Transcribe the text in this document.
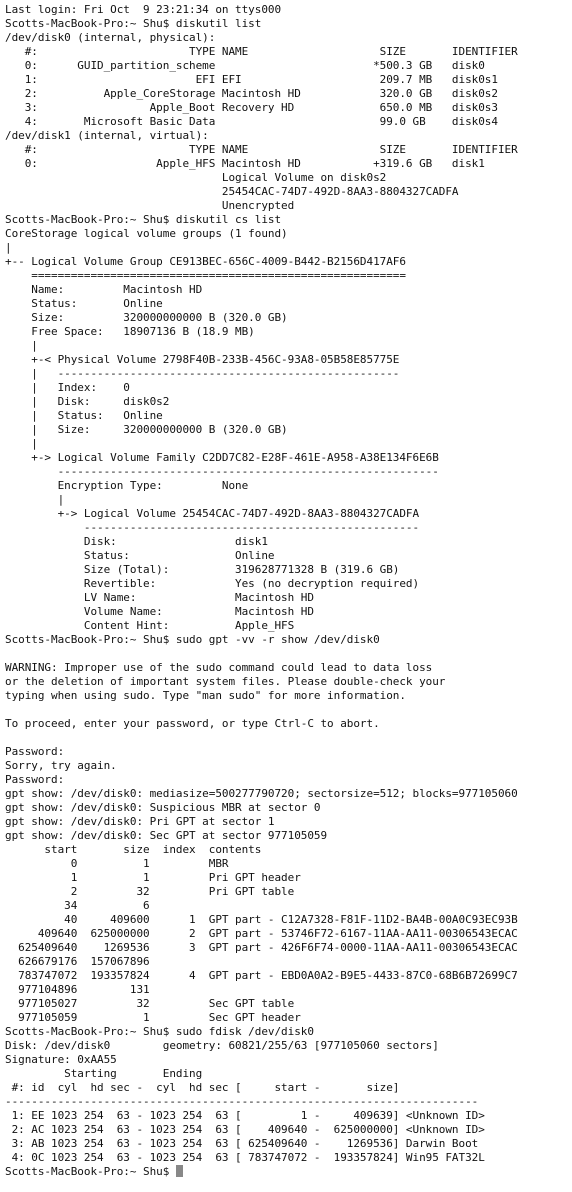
Last login: Fri Oct  9 23:21:34 on ttys000
Scotts-MacBook-Pro:~ Shu$ diskutil list
/dev/disk0 (internal, physical):
#:                       TYPE NAME                    SIZE       IDENTIFIER
0:      GUID_partition_scheme                        *500.3 GB   disk0
1:                        EFI EFI                     209.7 MB   disk0s1
2:          Apple_CoreStorage Macintosh HD            320.0 GB   disk0s2
3:                 Apple_Boot Recovery HD             650.0 MB   disk0s3
4:       Microsoft Basic Data                         99.0 GB    disk0s4
/dev/disk1 (internal, virtual):
#:                       TYPE NAME                    SIZE       IDENTIFIER
0:                  Apple_HFS Macintosh HD           +319.6 GB   disk1
Logical Volume on disk0s2
25454CAC-74D7-492D-8AA3-8804327CADFA
Unencrypted
Scotts-MacBook-Pro:~ Shu$ diskutil cs list
CoreStorage logical volume groups (1 found)
|
+-- Logical Volume Group CE913BEC-656C-4009-B442-B2156D417AF6
=========================================================
Name:         Macintosh HD
Status:       Online
Size:         320000000000 B (320.0 GB)
Free Space:   18907136 B (18.9 MB)
|
+-< Physical Volume 2798F40B-233B-456C-93A8-05B58E85775E
|   ----------------------------------------------------
|   Index:    0
|   Disk:     disk0s2
|   Status:   Online
|   Size:     320000000000 B (320.0 GB)
|
+-> Logical Volume Family C2DD7C82-E28F-461E-A958-A38E134F6E6B
----------------------------------------------------------
Encryption Type:         None
|
+-> Logical Volume 25454CAC-74D7-492D-8AA3-8804327CADFA
---------------------------------------------------
Disk:                  disk1
Status:                Online
Size (Total):          319628771328 B (319.6 GB)
Revertible:            Yes (no decryption required)
LV Name:               Macintosh HD
Volume Name:           Macintosh HD
Content Hint:          Apple_HFS
Scotts-MacBook-Pro:~ Shu$ sudo gpt -vv -r show /dev/disk0
WARNING: Improper use of the sudo command could lead to data loss
or the deletion of important system files. Please double-check your
typing when using sudo. Type "man sudo" for more information.
To proceed, enter your password, or type Ctrl-C to abort.
Password:
Sorry, try again.
Password:
gpt show: /dev/disk0: mediasize=500277790720; sectorsize=512; blocks=977105060
gpt show: /dev/disk0: Suspicious MBR at sector 0
gpt show: /dev/disk0: Pri GPT at sector 1
gpt show: /dev/disk0: Sec GPT at sector 977105059
start       size  index  contents
0          1         MBR
1          1         Pri GPT header
2         32         Pri GPT table
34          6
40     409600      1  GPT part - C12A7328-F81F-11D2-BA4B-00A0C93EC93B
409640  625000000      2  GPT part - 53746F72-6167-11AA-AA11-00306543ECAC
625409640    1269536      3  GPT part - 426F6F74-0000-11AA-AA11-00306543ECAC
626679176  157067896
783747072  193357824      4  GPT part - EBD0A0A2-B9E5-4433-87C0-68B6B72699C7
977104896        131
977105027         32         Sec GPT table
977105059          1         Sec GPT header
Scotts-MacBook-Pro:~ Shu$ sudo fdisk /dev/disk0
Disk: /dev/disk0        geometry: 60821/255/63 [977105060 sectors]
Signature: 0xAA55
Starting       Ending
#: id  cyl  hd sec -  cyl  hd sec [     start -       size]
------------------------------------------------------------------------
1: EE 1023 254  63 - 1023 254  63 [         1 -     409639] <Unknown ID>
2: AC 1023 254  63 - 1023 254  63 [    409640 -  625000000] <Unknown ID>
3: AB 1023 254  63 - 1023 254  63 [ 625409640 -    1269536] Darwin Boot
4: 0C 1023 254  63 - 1023 254  63 [ 783747072 -  193357824] Win95 FAT32L
Scotts-MacBook-Pro:~ Shu$
